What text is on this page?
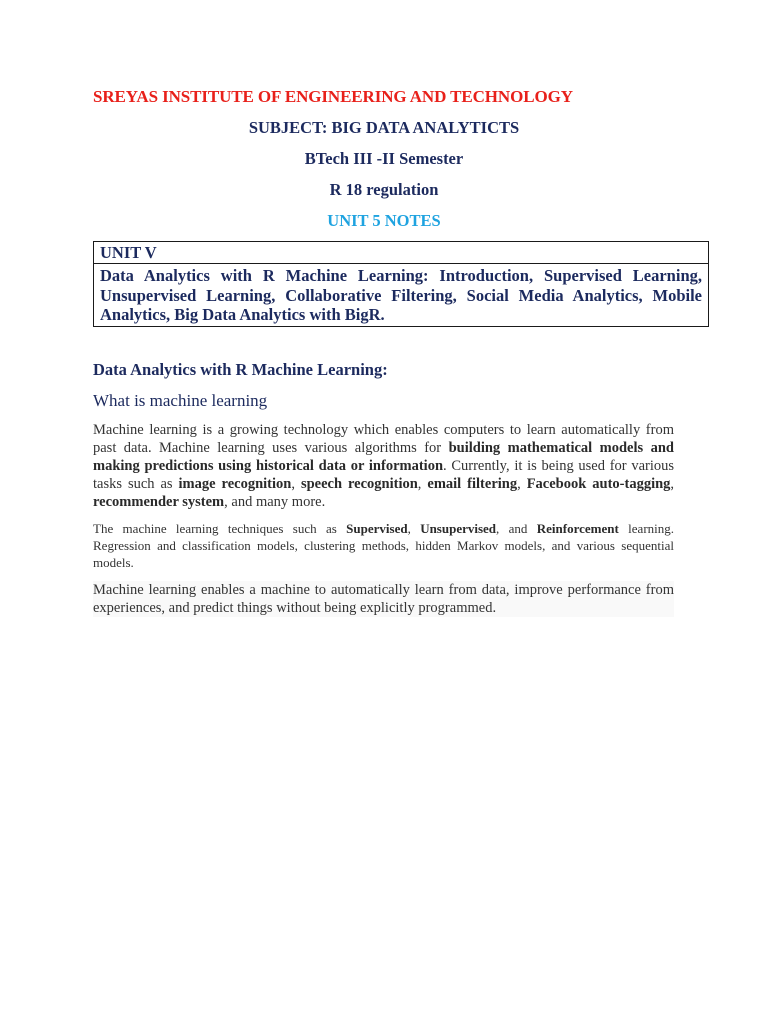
SREYAS INSTITUTE OF ENGINEERING AND TECHNOLOGY
SUBJECT: BIG DATA ANALYTICTS
BTech III -II Semester
R 18 regulation
UNIT 5 NOTES
UNIT V
Data Analytics with R Machine Learning: Introduction, Supervised Learning, Unsupervised Learning, Collaborative Filtering, Social Media Analytics, Mobile Analytics, Big Data Analytics with BigR.
Data Analytics with R Machine Learning:
What is machine learning
Machine learning is a growing technology which enables computers to learn automatically from past data. Machine learning uses various algorithms for building mathematical models and making predictions using historical data or information. Currently, it is being used for various tasks such as image recognition, speech recognition, email filtering, Facebook auto-tagging, recommender system, and many more.
The machine learning techniques such as Supervised, Unsupervised, and Reinforcement learning. Regression and classification models, clustering methods, hidden Markov models, and various sequential models.
Machine learning enables a machine to automatically learn from data, improve performance from experiences, and predict things without being explicitly programmed.
